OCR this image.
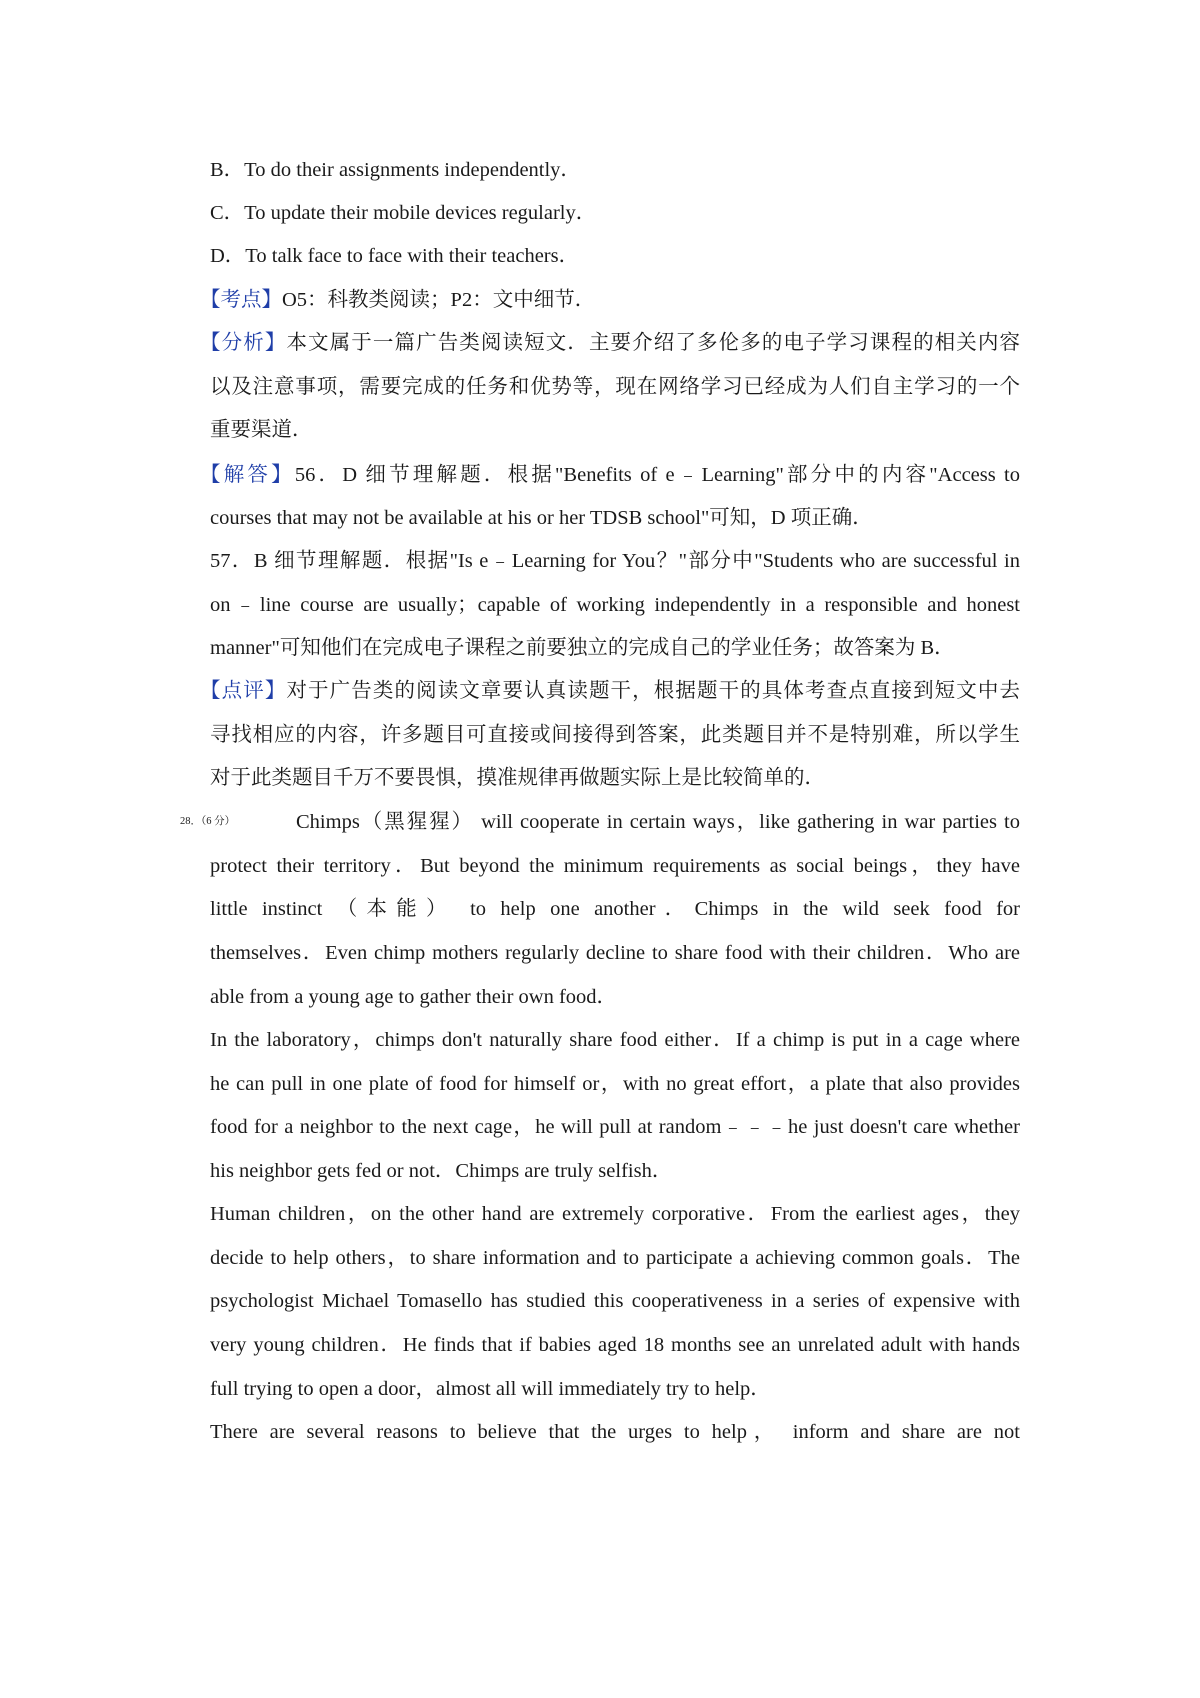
B．To do their assignments independently．

C．To update their mobile devices regularly．

D．To talk face to face with their teachers．

【考点】O5：科教类阅读；P2：文中细节．

【分析】本文属于一篇广告类阅读短文．主要介绍了多伦多的电子学习课程的相关内容

以及注意事项，需要完成的任务和优势等，现在网络学习已经成为人们自主学习的一个

重要渠道．

【解答】56．D 细节理解题．根据"Benefits of e﹣Learning"部分中的内容"Access to

courses that may not be available at his or her TDSB school"可知，D 项正确．

57．B 细节理解题．根据"Is e﹣Learning for You？"部分中"Students who are successful in

on﹣line course are usually；capable of working independently in a responsible and honest

manner"可知他们在完成电子课程之前要独立的完成自己的学业任务；故答案为 B．

【点评】对于广告类的阅读文章要认真读题干，根据题干的具体考查点直接到短文中去

寻找相应的内容，许多题目可直接或间接得到答案，此类题目并不是特别难，所以学生

对于此类题目千万不要畏惧，摸准规律再做题实际上是比较简单的．

28．（6 分）	Chimps（黑猩猩） will cooperate in certain ways，like gathering in war parties to

protect their territory．But beyond the minimum requirements as social beings，they have

little instinct （本能） to help one another．Chimps in the wild seek food for

themselves．Even chimp mothers regularly decline to share food with their children．Who are

able from a young age to gather their own food．

In the laboratory，chimps don't naturally share food either．If a chimp is put in a cage where

he can pull in one plate of food for himself or，with no great effort，a plate that also provides

food for a neighbor to the next cage，he will pull at random﹣﹣﹣he just doesn't care whether

his neighbor gets fed or not．Chimps are truly selfish．

Human children，on the other hand are extremely corporative．From the earliest ages，they

decide to help others，to share information and to participate a achieving common goals．The

psychologist Michael Tomasello has studied this cooperativeness in a series of expensive with

very young children．He finds that if babies aged 18 months see an unrelated adult with hands

full trying to open a door，almost all will immediately try to help．

There are several reasons to believe that the urges to help， inform and share are not
